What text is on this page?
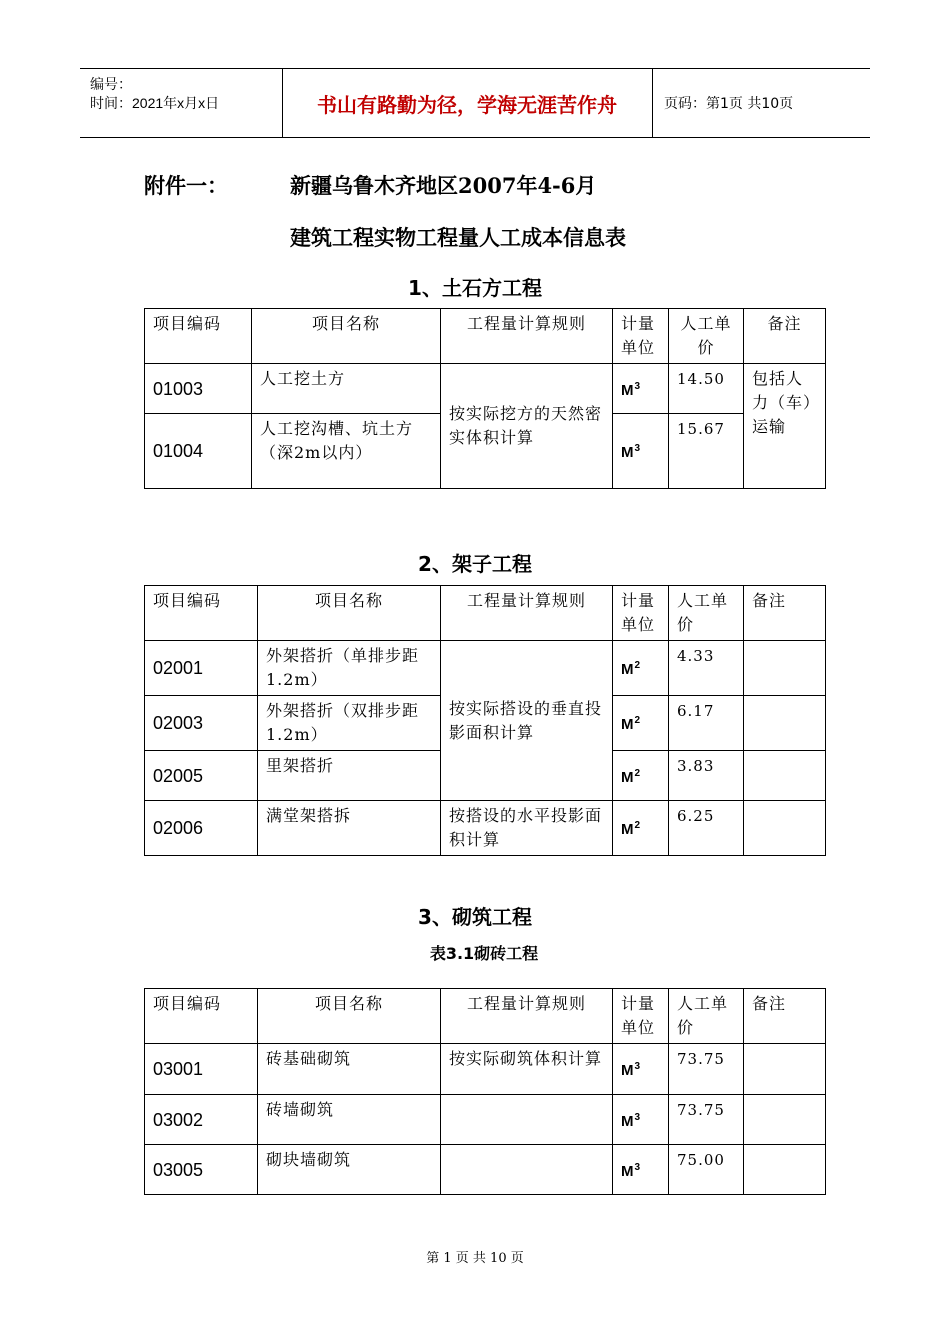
编号：
时间：2021年x月x日	书山有路勤为径，学海无涯苦作舟	页码：第1页 共10页
附件一：	新疆乌鲁木齐地区2007年4-6月
建筑工程实物工程量人工成本信息表
1、土石方工程
项目编码	项目名称	工程量计算规则	计量单位	人工单价	备注
01003	人工挖土方	按实际挖方的天然密实体积计算	$M^3$	14.50	包括人力（车）运输
01004	人工挖沟槽、坑土方（深2m以内）		$M^3$	15.67	
2、架子工程
项目编码	项目名称	工程量计算规则	计量单位	人工单价	备注
02001	外架搭折（单排步距1.2m）	按实际搭设的垂直投影面积计算	$M^2$	4.33	
02003	外架搭折（双排步距1.2m）		$M^2$	6.17	
02005	里架搭折		$M^2$	3.83	
02006	满堂架搭拆	按搭设的水平投影面积计算	$M^2$	6.25	
3、砌筑工程
表3.1砌砖工程
项目编码	项目名称	工程量计算规则	计量单位	人工单价	备注
03001	砖基础砌筑	按实际砌筑体积计算	$M^3$	73.75	
03002	砖墙砌筑		$M^3$	73.75	
03005	砌块墙砌筑		$M^3$	75.00	
第 1 页 共 10 页
